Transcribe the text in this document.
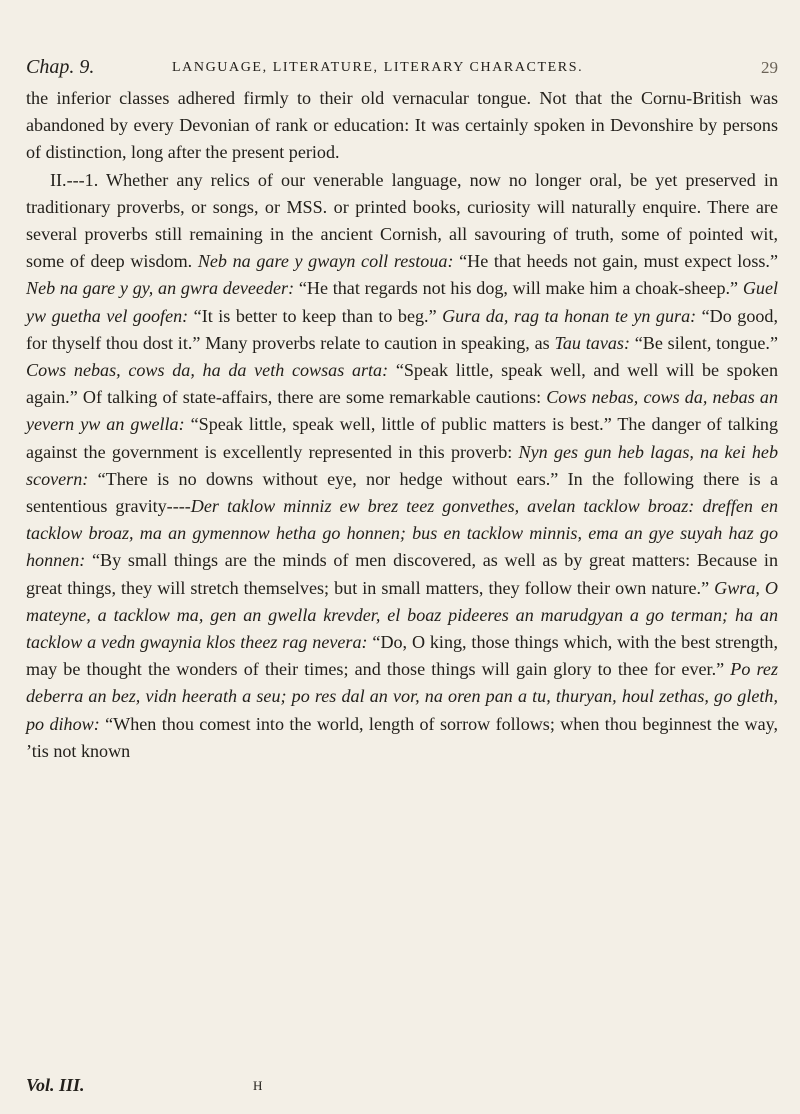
Chap. 9.	LANGUAGE, LITERATURE, LITERARY CHARACTERS.	29

the inferior classes adhered firmly to their old vernacular tongue. Not that the Cornu-British was abandoned by every Devonian of rank or education: It was certainly spoken in Devonshire by persons of distinction, long after the present period.

II.---1. Whether any relics of our venerable language, now no longer oral, be yet preserved in traditionary proverbs, or songs, or MSS. or printed books, curiosity will naturally enquire. There are several proverbs still remaining in the ancient Cornish, all savouring of truth, some of pointed wit, some of deep wisdom. Neb na gare y gwayn coll restoua: “He that heeds not gain, must expect loss.” Neb na gare y gy, an gwra deveeder: “He that regards not his dog, will make him a choak-sheep.” Guel yw guetha vel goofen: “It is better to keep than to beg.” Gura da, rag ta honan te yn gura: “Do good, for thyself thou dost it.” Many proverbs relate to caution in speaking, as Tau tavas: “Be silent, tongue.” Cows nebas, cows da, ha da veth cowsas arta: “Speak little, speak well, and well will be spoken again.” Of talking of state-affairs, there are some remarkable cautions: Cows nebas, cows da, nebas an yevern yw an gwella: “Speak little, speak well, little of public matters is best.” The danger of talking against the government is excellently represented in this proverb: Nyn ges gun heb lagas, na kei heb scovern: “There is no downs without eye, nor hedge without ears.” In the following there is a sententious gravity----Der taklow minniz ew brez teez gonvethes, avelan tacklow broaz: dreffen en tacklow broaz, ma an gymennow hetha go honnen; bus en tacklow minnis, ema an gye suyah haz go honnen: “By small things are the minds of men discovered, as well as by great matters: Because in great things, they will stretch themselves; but in small matters, they follow their own nature.” Gwra, O mateyne, a tacklow ma, gen an gwella krevder, el boaz pideeres an marudgyan a go terman; ha an tacklow a vedn gwaynia klos theez rag nevera: “Do, O king, those things which, with the best strength, may be thought the wonders of their times; and those things will gain glory to thee for ever.” Po rez deberra an bez, vidn heerath a seu; po res dal an vor, na oren pan a tu, thuryan, houl zethas, go gleth, po dihow: “When thou comest into the world, length of sorrow follows; when thou beginnest the way, ’tis not known

Vol. III.	H
